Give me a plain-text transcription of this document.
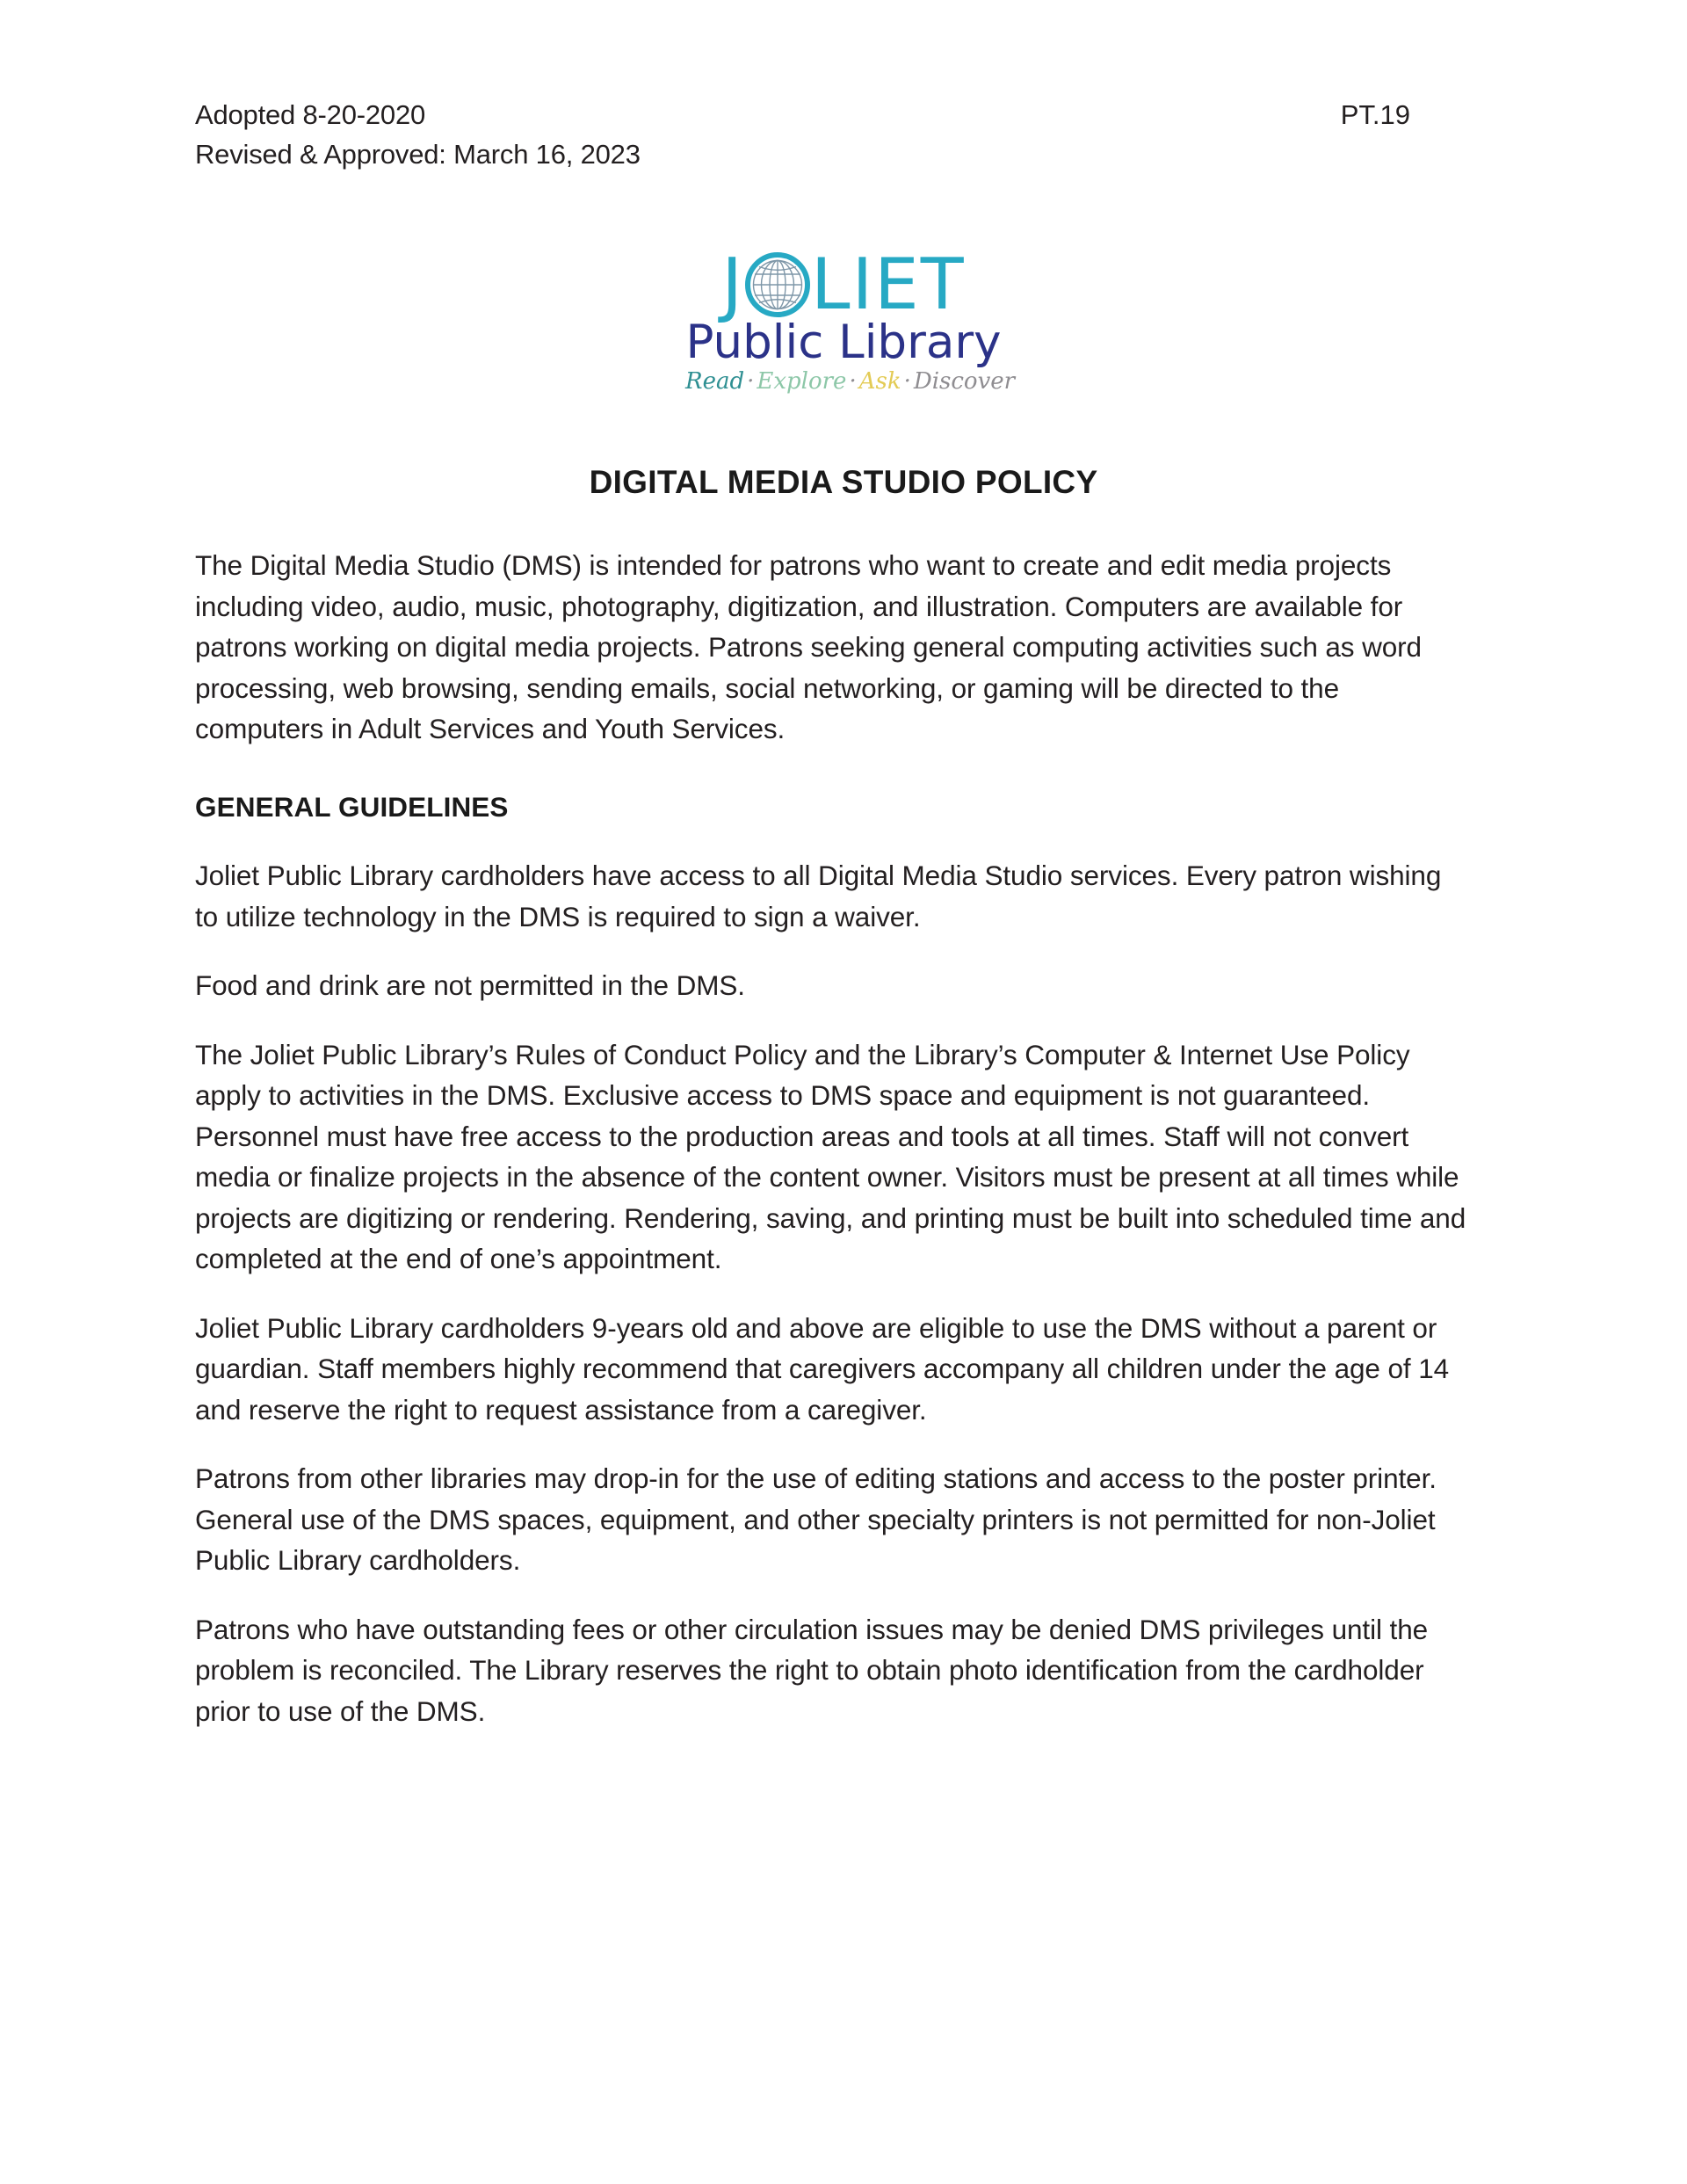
Adopted 8-20-2020
Revised & Approved: March 16, 2023
PT.19
J LIET
Public Library
Read · Explore · Ask · Discover
DIGITAL MEDIA STUDIO POLICY

The Digital Media Studio (DMS) is intended for patrons who want to create and edit media projects including video, audio, music, photography, digitization, and illustration. Computers are available for patrons working on digital media projects. Patrons seeking general computing activities such as word processing, web browsing, sending emails, social networking, or gaming will be directed to the computers in Adult Services and Youth Services.

GENERAL GUIDELINES

Joliet Public Library cardholders have access to all Digital Media Studio services. Every patron wishing to utilize technology in the DMS is required to sign a waiver.

Food and drink are not permitted in the DMS.

The Joliet Public Library’s Rules of Conduct Policy and the Library’s Computer & Internet Use Policy apply to activities in the DMS. Exclusive access to DMS space and equipment is not guaranteed. Personnel must have free access to the production areas and tools at all times. Staff will not convert media or finalize projects in the absence of the content owner. Visitors must be present at all times while projects are digitizing or rendering. Rendering, saving, and printing must be built into scheduled time and completed at the end of one’s appointment.

Joliet Public Library cardholders 9-years old and above are eligible to use the DMS without a parent or guardian. Staff members highly recommend that caregivers accompany all children under the age of 14 and reserve the right to request assistance from a caregiver.

Patrons from other libraries may drop-in for the use of editing stations and access to the poster printer. General use of the DMS spaces, equipment, and other specialty printers is not permitted for non-Joliet Public Library cardholders.

Patrons who have outstanding fees or other circulation issues may be denied DMS privileges until the problem is reconciled. The Library reserves the right to obtain photo identification from the cardholder prior to use of the DMS.
